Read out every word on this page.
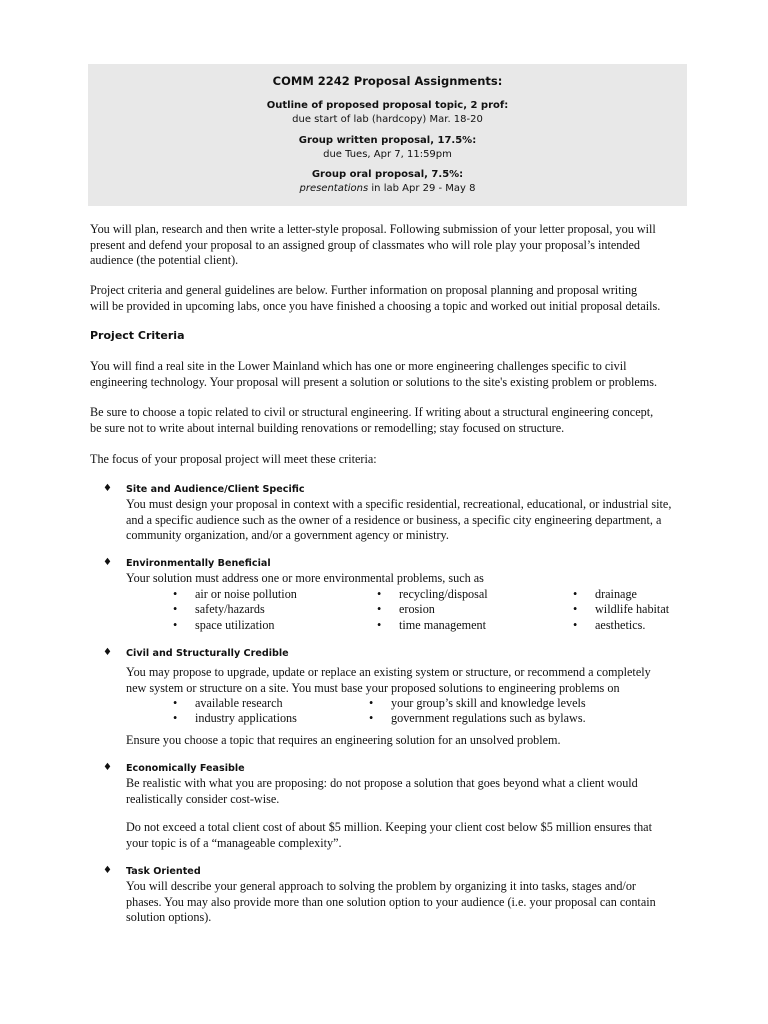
COMM 2242 Proposal Assignments:
Outline of proposed proposal topic, 2 prof:
due start of lab (hardcopy) Mar. 18-20
Group written proposal, 17.5%:
due Tues, Apr 7, 11:59pm
Group oral proposal, 7.5%:
presentations in lab Apr 29 - May 8
You will plan, research and then write a letter-style proposal. Following submission of your letter proposal, you will
present and defend your proposal to an assigned group of classmates who will role play your proposal’s intended
audience (the potential client).
Project criteria and general guidelines are below. Further information on proposal planning and proposal writing
will be provided in upcoming labs, once you have finished a choosing a topic and worked out initial proposal details.
Project Criteria
You will find a real site in the Lower Mainland which has one or more engineering challenges specific to civil
engineering technology. Your proposal will present a solution or solutions to the site's existing problem or problems.
Be sure to choose a topic related to civil or structural engineering. If writing about a structural engineering concept,
be sure not to write about internal building renovations or remodelling; stay focused on structure.
The focus of your proposal project will meet these criteria:
♦ Site and Audience/Client Specific
You must design your proposal in context with a specific residential, recreational, educational, or industrial site,
and a specific audience such as the owner of a residence or business, a specific city engineering department, a
community organization, and/or a government agency or ministry.
♦ Environmentally Beneficial
Your solution must address one or more environmental problems, such as
• air or noise pollution
• safety/hazards
• space utilization
• recycling/disposal
• erosion
• time management
• drainage
• wildlife habitat
• aesthetics.
♦ Civil and Structurally Credible
You may propose to upgrade, update or replace an existing system or structure, or recommend a completely
new system or structure on a site. You must base your proposed solutions to engineering problems on
• available research
• industry applications
• your group’s skill and knowledge levels
• government regulations such as bylaws.
Ensure you choose a topic that requires an engineering solution for an unsolved problem.
♦ Economically Feasible
Be realistic with what you are proposing: do not propose a solution that goes beyond what a client would
realistically consider cost-wise.
Do not exceed a total client cost of about $5 million. Keeping your client cost below $5 million ensures that
your topic is of a “manageable complexity”.
♦ Task Oriented
You will describe your general approach to solving the problem by organizing it into tasks, stages and/or
phases. You may also provide more than one solution option to your audience (i.e. your proposal can contain
solution options).
